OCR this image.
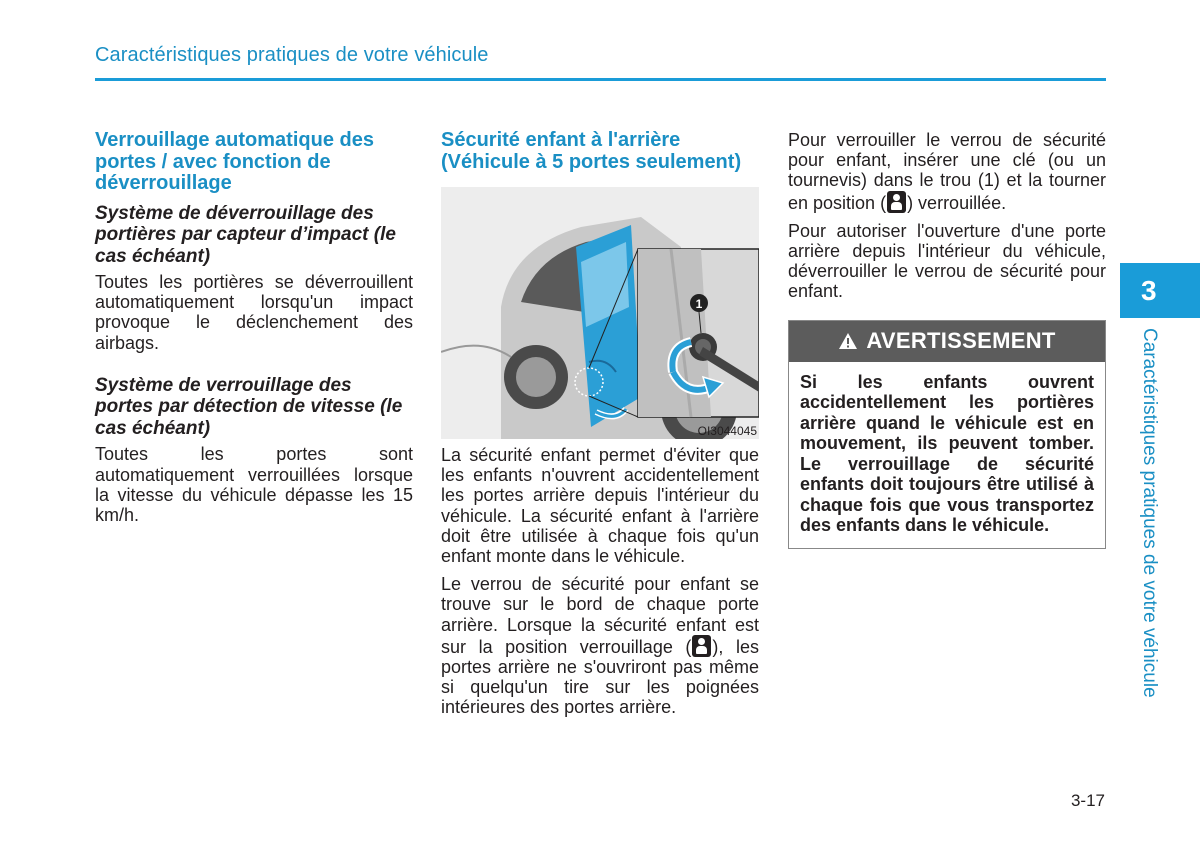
Caractéristiques pratiques de votre véhicule
Verrouillage automatique des portes / avec fonction de déverrouillage
Système de déverrouillage des portières par capteur d’impact (le cas échéant)
Toutes les portières se déverrouillent automatiquement lorsqu'un impact provoque le déclenchement des airbags.
Système de verrouillage des portes par détection de vitesse (le cas échéant)
Toutes les portes sont automatiquement verrouillées lorsque la vitesse du véhicule dépasse les 15 km/h.
Sécurité enfant à l'arrière (Véhicule à 5 portes seulement)
1
OI3044045
La sécurité enfant permet d'éviter que les enfants n'ouvrent accidentellement les portes arrière depuis l'intérieur du véhicule. La sécurité enfant à l'arrière doit être utilisée à chaque fois qu'un enfant monte dans le véhicule.
Le verrou de sécurité pour enfant se trouve sur le bord de chaque porte arrière. Lorsque la sécurité enfant est sur la position verrouillage ( ), les portes arrière ne s'ouvriront pas même si quelqu'un tire sur les poignées intérieures des portes arrière.
Pour verrouiller le verrou de sécurité pour enfant, insérer une clé (ou un tournevis) dans le trou (1) et la tourner en position ( ) verrouillée.
Pour autoriser l'ouverture d'une porte arrière depuis l'intérieur du véhicule, déverrouiller le verrou de sécurité pour enfant.
AVERTISSEMENT
Si les enfants ouvrent accidentellement les portières arrière quand le véhicule est en mouvement, ils peuvent tomber. Le verrouillage de sécurité enfants doit toujours être utilisé à chaque fois que vous transportez des enfants dans le véhicule.
3
Caractéristiques pratiques de votre véhicule
3-17
